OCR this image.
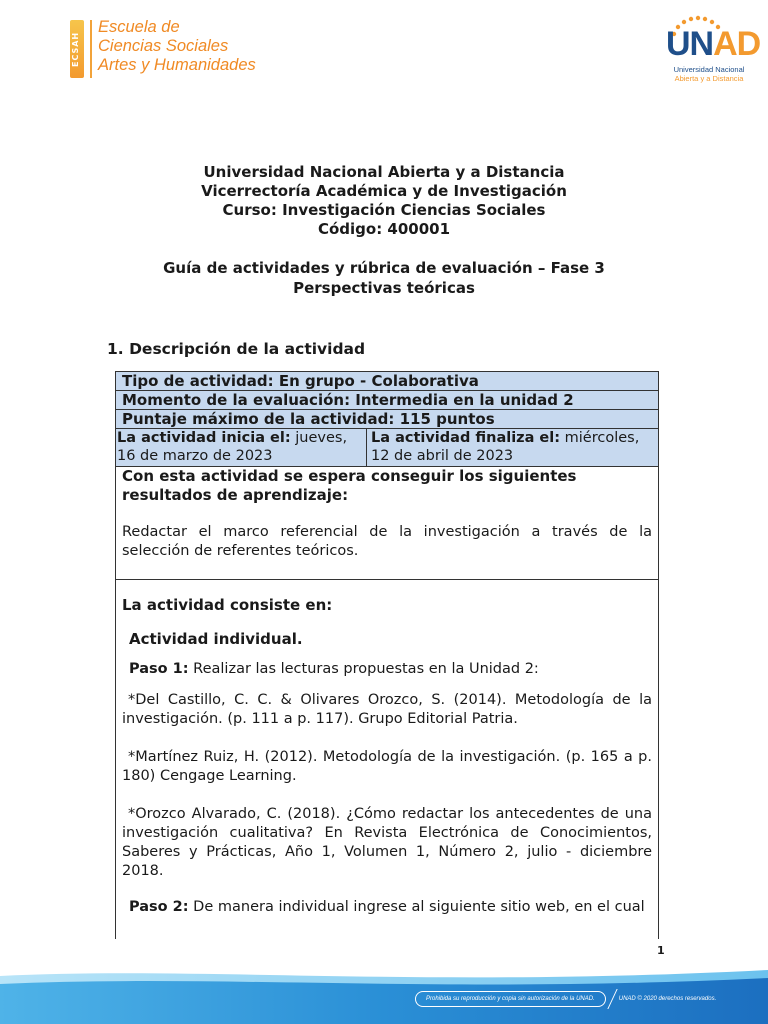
ECSAH
Escuela de
Ciencias Sociales
Artes y Humanidades
UNAD
Universidad Nacional
Abierta y a Distancia
Universidad Nacional Abierta y a Distancia
Vicerrectoría Académica y de Investigación
Curso: Investigación Ciencias Sociales
Código: 400001
Guía de actividades y rúbrica de evaluación – Fase 3
Perspectivas teóricas
1. Descripción de la actividad
Tipo de actividad: En grupo - Colaborativa
Momento de la evaluación: Intermedia en la unidad 2
Puntaje máximo de la actividad: 115 puntos
La actividad inicia el: jueves,
16 de marzo de 2023
La actividad finaliza el: miércoles,
12 de abril de 2023
Con esta actividad se espera conseguir los siguientes resultados de aprendizaje:
Redactar el marco referencial de la investigación a través de la selección de referentes teóricos.
La actividad consiste en:
Actividad individual.
Paso 1: Realizar las lecturas propuestas en la Unidad 2:
*Del Castillo, C. C. & Olivares Orozco, S. (2014). Metodología de la investigación. (p. 111 a p. 117). Grupo Editorial Patria.
*Martínez Ruiz, H. (2012). Metodología de la investigación. (p. 165 a p. 180) Cengage Learning.
*Orozco Alvarado, C. (2018). ¿Cómo redactar los antecedentes de una investigación cualitativa? En Revista Electrónica de Conocimientos, Saberes y Prácticas, Año 1, Volumen 1, Número 2, julio - diciembre 2018.
Paso 2: De manera individual ingrese al siguiente sitio web, en el cual
1
Prohibida su reproducción y copia sin autorización de la UNAD.	UNAD © 2020 derechos reservados.
